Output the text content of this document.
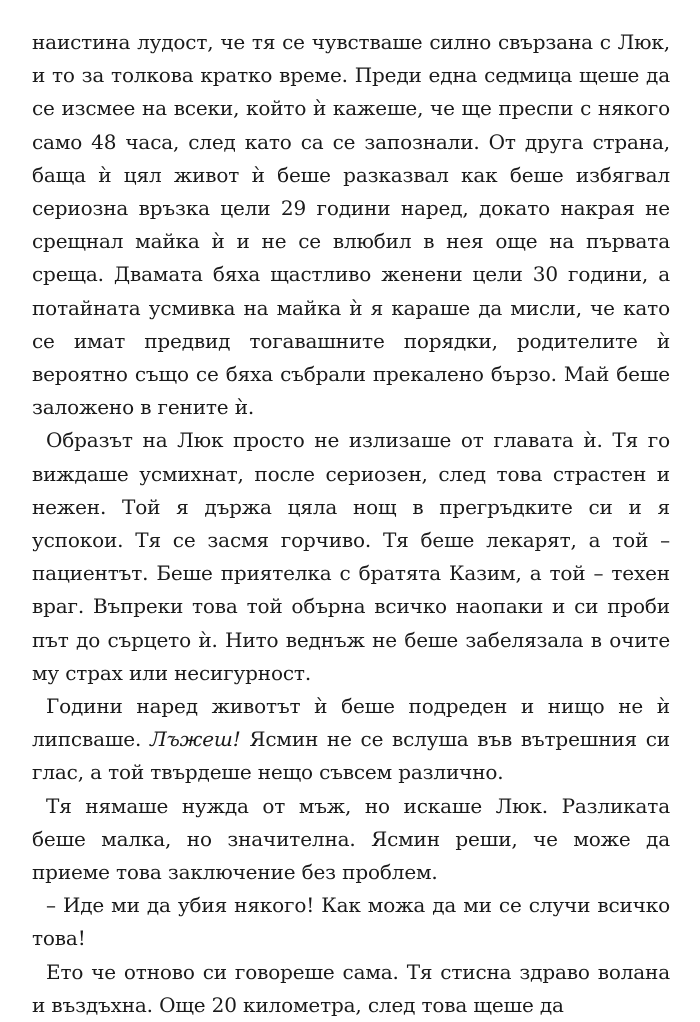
наистина лудост, че тя се чувстваше силно свързана с Люк, и то за толкова кратко време. Преди една седмица щеше да се изсмее на всеки, който ѝ кажеше, че ще преспи с някого само 48 часа, след като са се запознали. От друга страна, баща ѝ цял живот ѝ беше разказвал как беше избягвал сериозна връзка цели 29 години наред, докато накрая не срещнал майка ѝ и не се влюбил в нея още на първата среща. Двамата бяха щастливо женени цели 30 години, а потайната усмивка на майка ѝ я караше да мисли, че като се имат предвид тогавашните порядки, родителите ѝ вероятно също се бяха събрали прекалено бързо. Май беше заложено в гените ѝ.

Образът на Люк просто не излизаше от главата ѝ. Тя го виждаше усмихнат, после сериозен, след това страстен и нежен. Той я държа цяла нощ в прегръдките си и я успокои. Тя се засмя горчиво. Тя беше лекарят, а той – пациентът. Беше приятелка с братята Казим, а той – техен враг. Въпреки това той обърна всичко наопаки и си проби път до сърцето ѝ. Нито веднъж не беше забелязала в очите му страх или несигурност.

Години наред животът ѝ беше подреден и нищо не ѝ липсваше. Лъжеш! Ясмин не се вслуша във вътрешния си глас, а той твърдеше нещо съвсем различно.

Тя нямаше нужда от мъж, но искаше Люк. Разликата беше малка, но значителна. Ясмин реши, че може да приеме това заключение без проблем.

– Иде ми да убия някого! Как можа да ми се случи всичко това!

Ето че отново си говореше сама. Тя стисна здраво волана и въздъхна. Още 20 километра, след това щеше да
